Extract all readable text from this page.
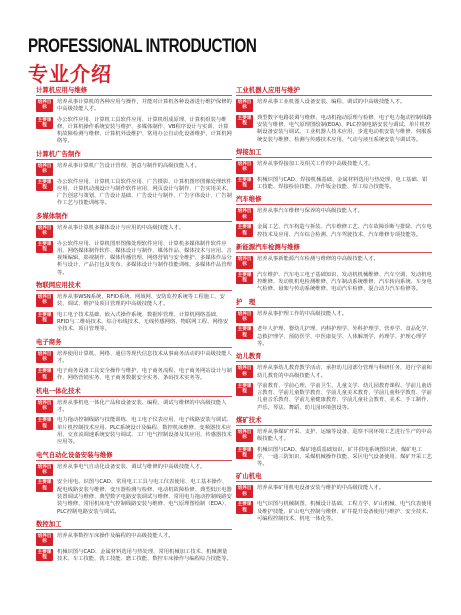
PROFESSIONAL INTRODUCTION
专业介绍
计算机应用与维修
培养目标
培养从事计算机的各种应用与操作，并能对计算机各种设备进行维护保修的中高级技能人才。
主要课程
办公软件应用、计算机工具软件应用、计算机组成原理、计算机组装与维修、计算机操作系统安装与维护、多媒体制作、VB程序设计与实训、计算机故障检测与维修、计算机外设维护、常用办公自动化设备维护、计算机网络等。
计算机广告制作
培养目标
培养从事计算机广告设计管理、创意与制作的高级技能人才。
主要课程
办公软件应用、计算机工具软件应用、广告摄影、计算机图形图像处理软件应用、计算机动漫设计与制作软件应用、网页设计与制作、广告实用美术、广告创意与策划、广告设计基础、广告设计与制作、广告字体设计、广告制作工艺与技能训练等。
多媒体制作
培养目标
培养从事计算机多媒体设计与应用的中高级技能人才。
主要课程
办公软件应用、计算机图形图像处理软件应用、计算机多媒体制作软件应用、网络媒体制作软件、媒体设计与制作、媒体作品、媒体技术与应用、音视频编辑、影视制作、媒体传播管理、网络营销与安全维护、多媒体作品分析与设计、产品打包及发布、多媒体设计与制作技能训练、多媒体作品管理等。
物联网应用技术
培养目标
培养从事WSN系统、RFID系统、网域网、安防监控系统等工程施工、安装、调试、维护及项目管理的中高级技能人才。
主要课程
电工电子技术基础、嵌入式操作系统、数据库管理、计算机网络基础、RFID与二维码技术、综合布线技术、无线传感网络、物联网工程、网络安全技术、项目管理等。
电子商务
培养目标
培养使用计算机、网络、通信等现代信息技术从事商务活动的中高级技能人才。
主要课程
电子商务设备工具安全操作与维护、电子商务流程、电子商务网站设计与制作、网络营销实务、电子商务数据安全实务、条码技术实务等。
机电一体化技术
培养目标
培养从事机电一体化产品和设备安装、编程、调试与维修的中高级技能人才。
主要课程
电力拖动控制线路与技能训练、电工电子仪表应用、电子线路安装与调试、单片机控制技术应用、PLC系统设计及编程、数控机床维修、变频器技术应用、交直流调速系统安装与调试、工厂电气控制设备及其应用、传感器技术应用等。
电气自动化设备安装与维修
培养目标
培养从事电气自动化设备安装、调试与维修的中高级技能人才。
主要课程
安全用电、识图与CAD、常用电工工具与电工仪表使用、电工基本操作、配电线路安装与维修、变压器检测与检修、电动机故障检修、典型低压电器装置调试与维修、典型数字电路安装调试与维修、常用电力拖动控制线路安装与维修、常用机床电气控制线路安装与维修、电气原理图绘制（EDA）、PLC控制电路安装与调试。
数控加工
培养目标
培养从事数控车床操作及编程的中高级技能人才。
主要课程
机械识图与CAD、金属材料选用与热处理、常用机械加工技术、机械测量技术、车工技能、铣工技能、磨工技能、数控车床操作与编程综合技能等。
工业机器人应用与维护
培养目标
培养从事工业机器人设备安装、编程、调试的中高级技能人才。
主要课程
典型数字电路装调与维修、电动机拖动原理与检修、电子电力拖动控制线路安装与维修、电气原理图绘制(EDA)、PLC控制电路安装与调试、单片机控制设备安装与调试、工业机器人技术应用、步进电动机安装与维修、伺服系统安装与维修、检测与传感技术应用、气动与液压系统安装与调试等。
焊接加工
培养目标
培养从事焊接加工及相关工作的中高级技能人才。
主要课程
机械识图与CAD、焊接机械基础、金属材料选用与热处理、电工基础、钳工技能、焊接检验技能、冷作钣金技能、焊工综合技能等。
汽车维修
培养目标
培养从事汽车维修与保养的中高级技能人才。
主要课程
金属工艺、汽车构造与拆装、汽车维修工艺、汽车故障诊断与排除、汽车电控技术及应用、汽车综合检测、汽车驾驶技术、汽车维修专项技能等。
新能源汽车检测与维修
培养目标
培养从事新能源汽车检测与维修的中高级技能人才。
主要课程
汽车维护、汽车电工电子基础知识、发动机机械维修、汽车空调、发动机电控维修、发动机机电检测维修、汽车制动系统维修、汽车转向系统、车身电气检修、悬架与传动系统维修、电动汽车检修、混合动力汽车检修等。
护　理
培养目标
培养从事护理工作的中高级技能人才。
主要课程
老年人护理、婴幼儿护理、内科护理学、外科护理学、营养学、食品化学、急救护理学、预防医学、中医康复学、人体解剖学、药理学、护理心理学等。
幼儿教育
培养目标
培养从事幼儿教育教学活动，承担幼儿园部分管理与科研任务，进行学前和幼儿教育的中高级技能人才。
主要课程
学前教育、学前心理、学前卫生、儿童文学、幼儿园教育课程、学前儿童语言教育、学前儿童数学教育、学前儿童美术教育、学前儿童科学教育、学前儿童音乐教育、学前儿童健康教育、学前儿童社会教育、美术、手工制作、声乐、琴法、舞蹈、幼儿园环境创设等。
煤矿技术
培养目标
培养从事煤矿开采、支护、运输等设备、巡察不同环境工艺进行生产的中高级技能人才。
主要课程
机械识图与CAD、煤矿地质基础知识、矿井供电系统图识读、煤矿电工学、一通三防知识、采煤机械操作技能、采区电气设备使用、煤矿开采工艺等。
矿山机电
培养目标
培养从事矿用机电设备安装与维护的中高级技能人才。
主要课程
电气识图与机械制图、机械设计基础、工程力学、矿山机械、电气仪表使用及维护技能、矿山电气控制与维修、矿井提升设备使用与维护、安全技术、可编程控制技术、机电一体化等。
